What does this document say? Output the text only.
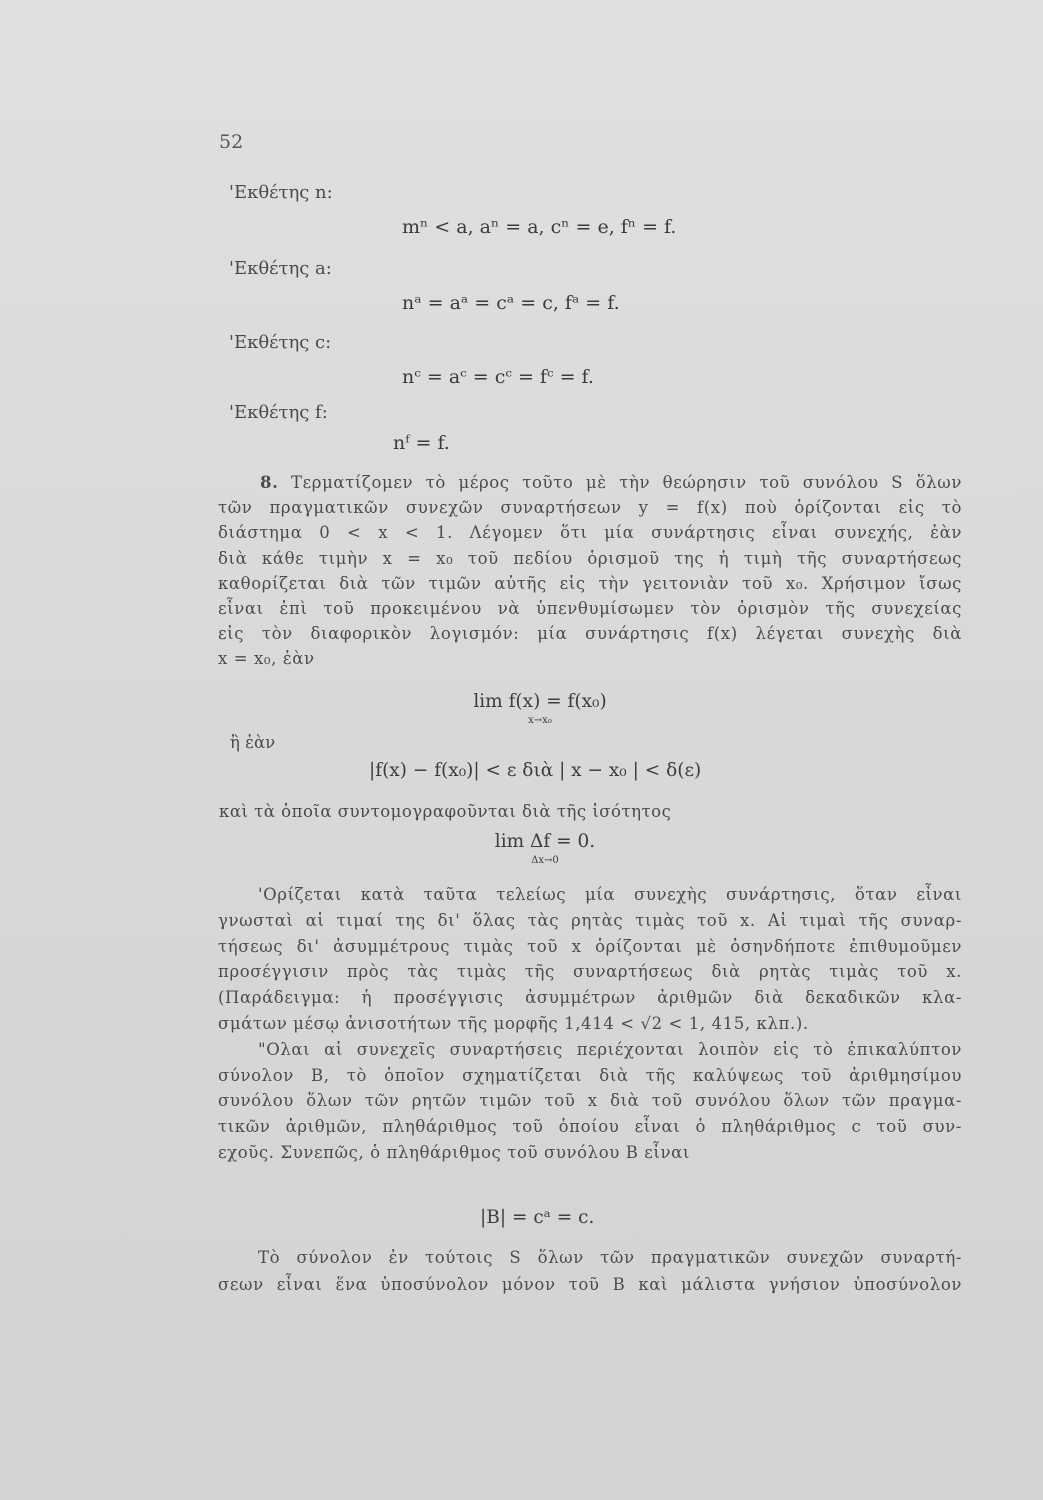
52
'Εκθέτης n:
mⁿ < a, aⁿ = a, cⁿ = e, fⁿ = f.
'Εκθέτης a:
nᵃ = aᵃ = cᵃ = c, fᵃ = f.
'Εκθέτης c:
nᶜ = aᶜ = cᶜ = fᶜ = f.
'Εκθέτης f:
nᶠ = f.
8. Τερματίζομεν τὸ μέρος τοῦτο μὲ τὴν θεώρησιν τοῦ συνόλου S ὅλων
τῶν πραγματικῶν συνεχῶν συναρτήσεων y = f(x) ποὺ ὁρίζονται εἰς τὸ
διάστημα 0 < x < 1. Λέγομεν ὅτι μία συνάρτησις εἶναι συνεχής, ἐὰν
διὰ κάθε τιμὴν x = x₀ τοῦ πεδίου ὁρισμοῦ της ἡ τιμὴ τῆς συναρτήσεως
καθορίζεται διὰ τῶν τιμῶν αὐτῆς εἰς τὴν γειτονιὰν τοῦ x₀. Χρήσιμον ἴσως
εἶναι ἐπὶ τοῦ προκειμένου νὰ ὑπενθυμίσωμεν τὸν ὁρισμὸν τῆς συνεχείας
εἰς τὸν διαφορικὸν λογισμόν: μία συνάρτησις f(x) λέγεται συνεχὴς διὰ
x = x₀, ἐὰν
lim f(x) = f(x₀)
x→x₀
ἢ ἐὰν
|f(x) − f(x₀)| < ε διὰ | x − x₀ | < δ(ε)
καὶ τὰ ὁποῖα συντομογραφοῦνται διὰ τῆς ἰσότητος
lim Δf = 0.
Δx→0
'Ορίζεται κατὰ ταῦτα τελείως μία συνεχὴς συνάρτησις, ὅταν εἶναι
γνωσταὶ αἱ τιμαί της δι' ὅλας τὰς ρητὰς τιμὰς τοῦ x. Αἱ τιμαὶ τῆς συναρ-
τήσεως δι' ἀσυμμέτρους τιμὰς τοῦ x ὁρίζονται μὲ ὁσηνδήποτε ἐπιθυμοῦμεν
προσέγγισιν πρὸς τὰς τιμὰς τῆς συναρτήσεως διὰ ρητὰς τιμὰς τοῦ x.
(Παράδειγμα: ἡ προσέγγισις ἀσυμμέτρων ἀριθμῶν διὰ δεκαδικῶν κλα-
σμάτων μέσῳ ἀνισοτήτων τῆς μορφῆς 1,414 < √2 < 1, 415, κλπ.).
"Ολαι αἱ συνεχεῖς συναρτήσεις περιέχονται λοιπὸν εἰς τὸ ἐπικαλύπτον
σύνολον B, τὸ ὁποῖον σχηματίζεται διὰ τῆς καλύψεως τοῦ ἀριθμησίμου
συνόλου ὅλων τῶν ρητῶν τιμῶν τοῦ x διὰ τοῦ συνόλου ὅλων τῶν πραγμα-
τικῶν ἀριθμῶν, πληθάριθμος τοῦ ὁποίου εἶναι ὁ πληθάριθμος c τοῦ συν-
εχοῦς. Συνεπῶς, ὁ πληθάριθμος τοῦ συνόλου B εἶναι
|B| = cᵃ = c.
Τὸ σύνολον ἐν τούτοις S ὅλων τῶν πραγματικῶν συνεχῶν συναρτή-
σεων εἶναι ἕνα ὑποσύνολον μόνον τοῦ B καὶ μάλιστα γνήσιον ὑποσύνολον
